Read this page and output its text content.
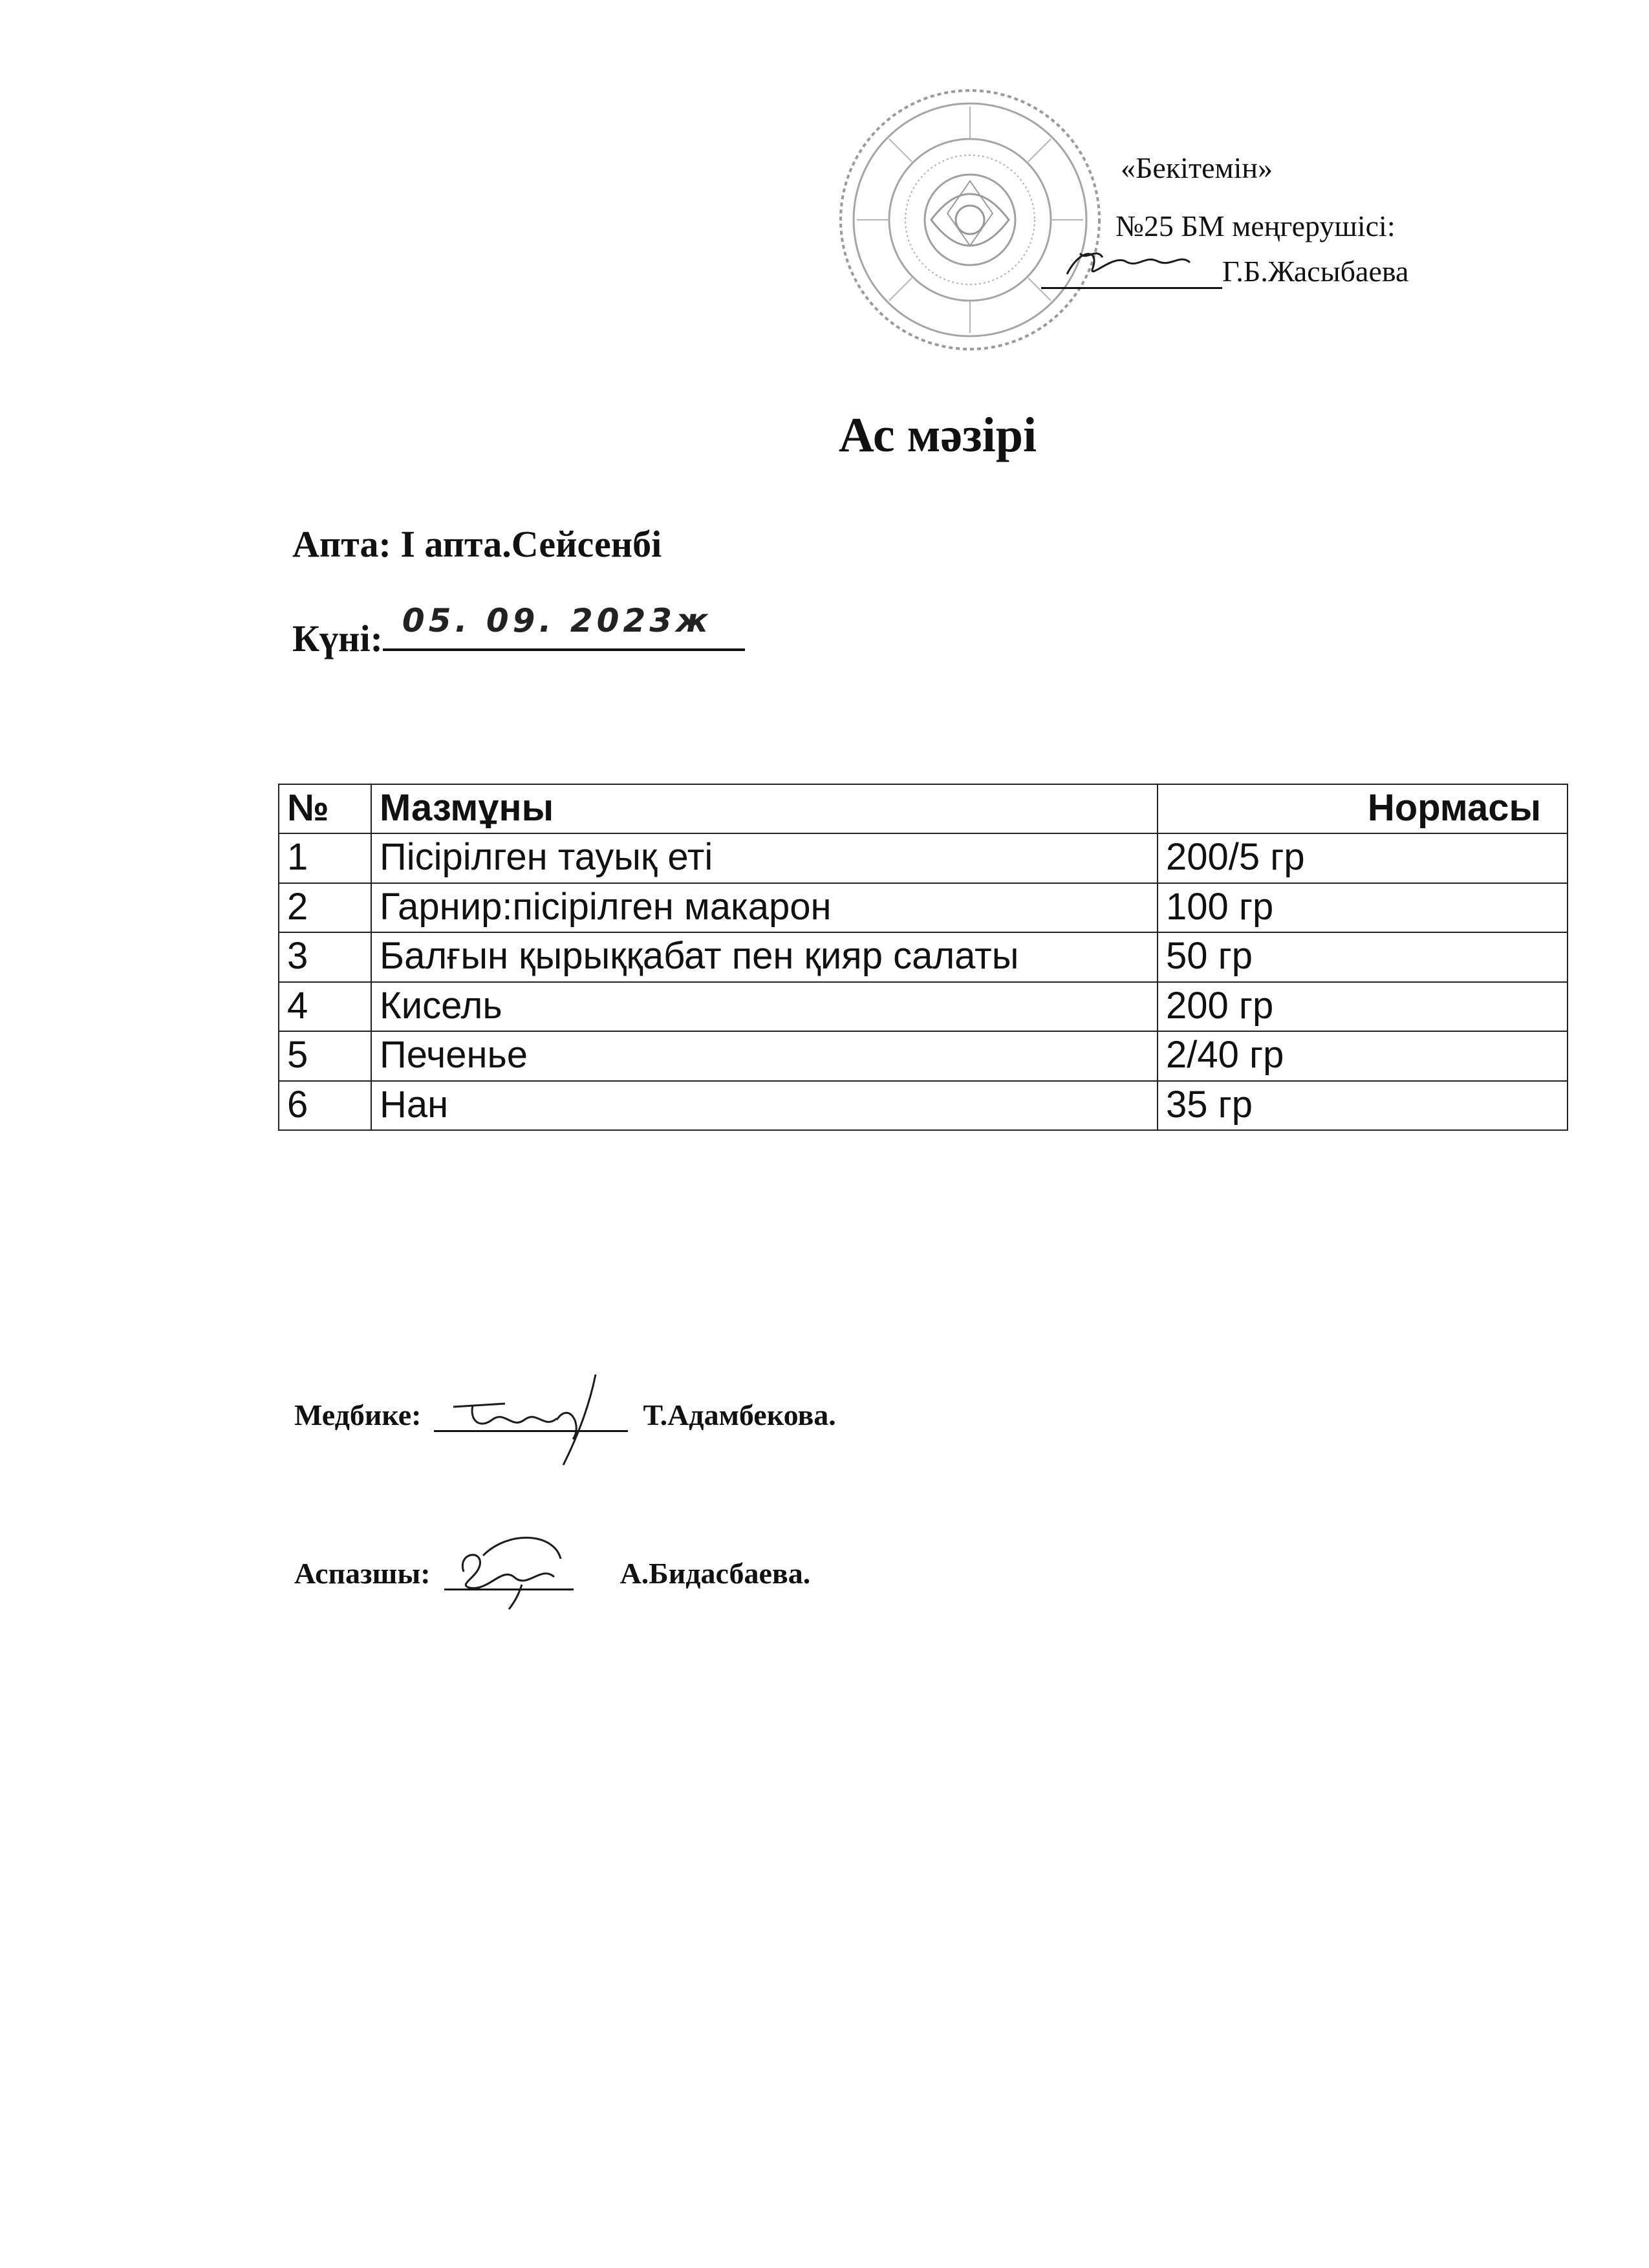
«Бекітемін»
№25 БМ меңгерушісі:
Г.Б.Жасыбаева
Ас мәзірі
Апта: I апта.Сейсенбі
Күні: 05. 09. 2023ж
№	Мазмұны	Нормасы
1	Пісірілген тауық еті	200/5 гр
2	Гарнир:пісірілген макарон	100 гр
3	Балғын қырыққабат пен қияр салаты	50 гр
4	Кисель	200 гр
5	Печенье	2/40 гр
6	Нан	35 гр
Медбике:	Т.Адамбекова.
Аспазшы:	А.Бидасбаева.
